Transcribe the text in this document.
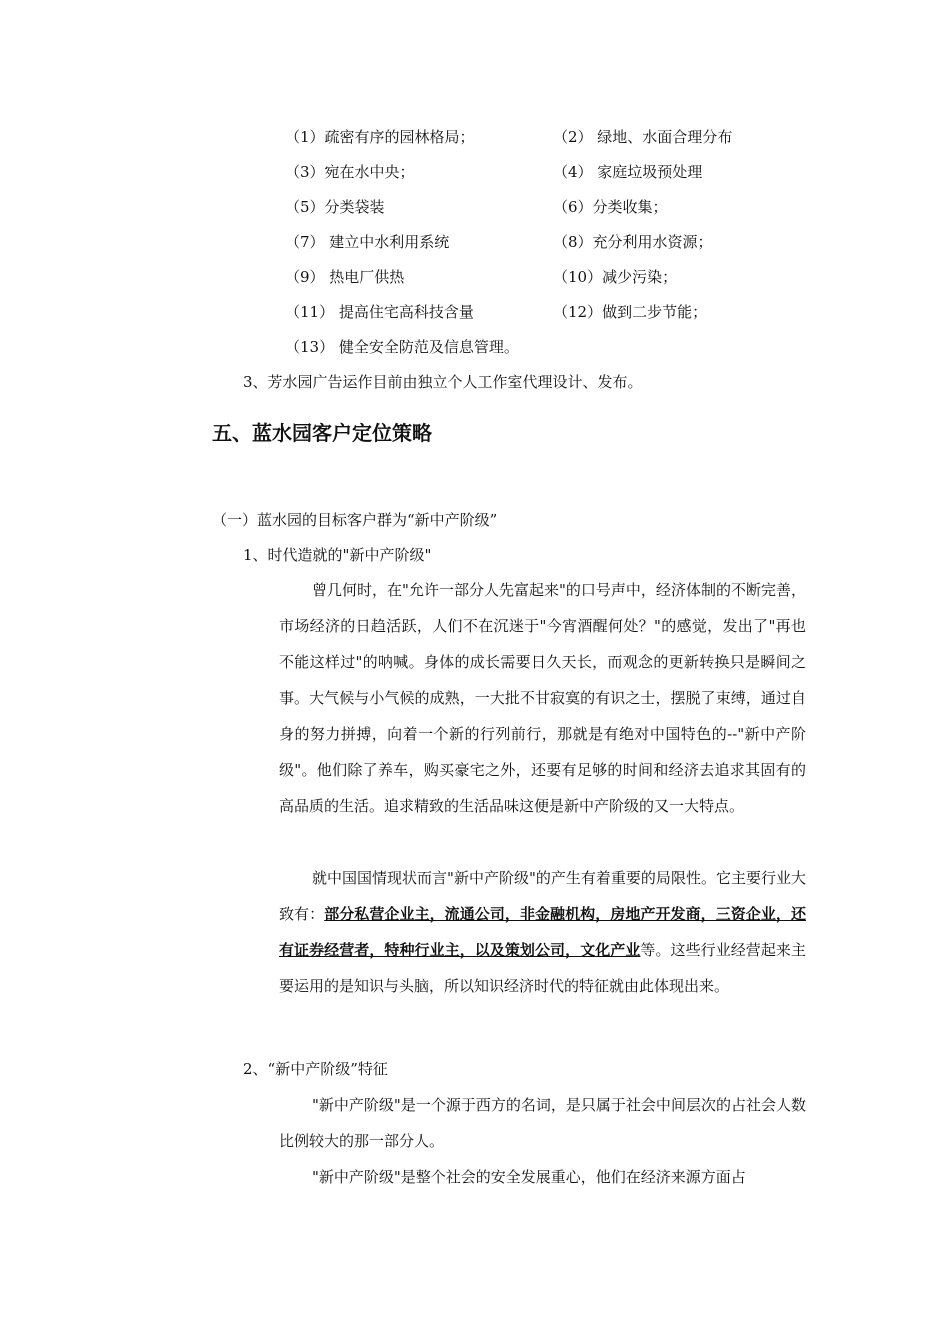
（1）疏密有序的园林格局；	（2） 绿地、水面合理分布
（3）宛在水中央；	（4） 家庭垃圾预处理
（5）分类袋装	（6）分类收集；
（7） 建立中水利用系统	（8）充分利用水资源；
（9） 热电厂供热	（10）减少污染；
（11） 提高住宅高科技含量	（12）做到二步节能；
（13） 健全安全防范及信息管理。
3、芳水园广告运作目前由独立个人工作室代理设计、发布。
五、蓝水园客户定位策略
（一）蓝水园的目标客户群为“新中产阶级”
1、时代造就的"新中产阶级"

曾几何时，在"允许一部分人先富起来"的口号声中，经济体制的不断完善，市场经济的日趋活跃，人们不在沉迷于"今宵酒醒何处？"的感觉，发出了"再也不能这样过"的呐喊。身体的成长需要日久天长，而观念的更新转换只是瞬间之事。大气候与小气候的成熟，一大批不甘寂寞的有识之士，摆脱了束缚，通过自身的努力拼搏，向着一个新的行列前行，那就是有绝对中国特色的--"新中产阶级"。他们除了养车，购买豪宅之外，还要有足够的时间和经济去追求其固有的高品质的生活。追求精致的生活品味这便是新中产阶级的又一大特点。

就中国国情现状而言"新中产阶级"的产生有着重要的局限性。它主要行业大致有：部分私营企业主，流通公司，非金融机构，房地产开发商，三资企业，还有证券经营者，特种行业主，以及策划公司，文化产业等。这些行业经营起来主要运用的是知识与头脑，所以知识经济时代的特征就由此体现出来。

2、“新中产阶级”特征

"新中产阶级"是一个源于西方的名词，是只属于社会中间层次的占社会人数比例较大的那一部分人。

"新中产阶级"是整个社会的安全发展重心，他们在经济来源方面占
